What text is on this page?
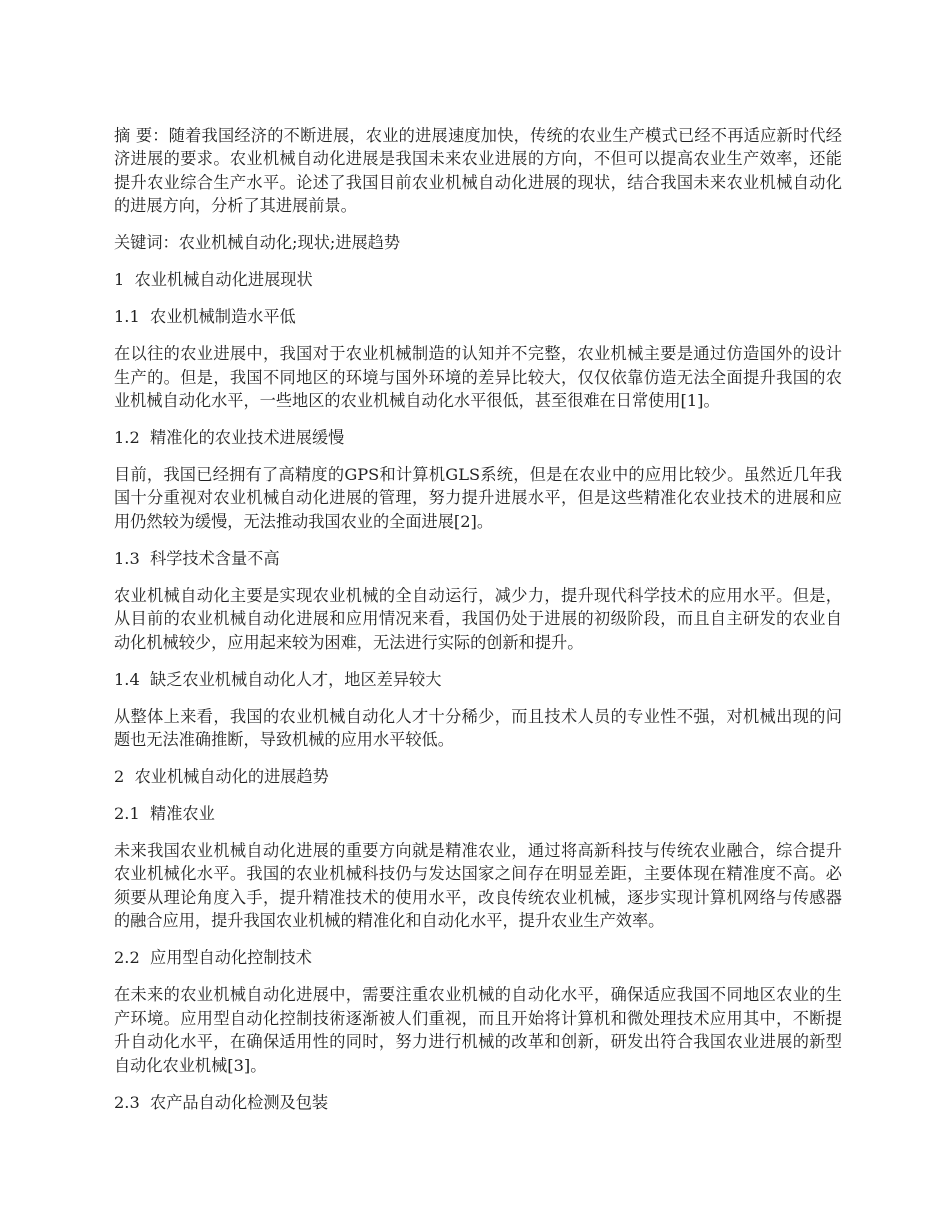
摘 要：随着我国经济的不断进展，农业的进展速度加快，传统的农业生产模式已经不再适应新时代经济进展的要求。农业机械自动化进展是我国未来农业进展的方向，不但可以提高农业生产效率，还能提升农业综合生产水平。论述了我国目前农业机械自动化进展的现状，结合我国未来农业机械自动化的进展方向，分析了其进展前景。

关键词：农业机械自动化;现状;进展趋势

1  农业机械自动化进展现状

1.1  农业机械制造水平低

在以往的农业进展中，我国对于农业机械制造的认知并不完整，农业机械主要是通过仿造国外的设计生产的。但是，我国不同地区的环境与国外环境的差异比较大，仅仅依靠仿造无法全面提升我国的农业机械自动化水平，一些地区的农业机械自动化水平很低，甚至很难在日常使用[1]。

1.2  精准化的农业技术进展缓慢

目前，我国已经拥有了高精度的GPS和计算机GLS系统，但是在农业中的应用比较少。虽然近几年我国十分重视对农业机械自动化进展的管理，努力提升进展水平，但是这些精准化农业技术的进展和应用仍然较为缓慢，无法推动我国农业的全面进展[2]。

1.3  科学技术含量不高

农业机械自动化主要是实现农业机械的全自动运行，减少力，提升现代科学技术的应用水平。但是，从目前的农业机械自动化进展和应用情况来看，我国仍处于进展的初级阶段，而且自主研发的农业自动化机械较少，应用起来较为困难，无法进行实际的创新和提升。

1.4  缺乏农业机械自动化人才，地区差异较大

从整体上来看，我国的农业机械自动化人才十分稀少，而且技术人员的专业性不强，对机械出现的问题也无法准确推断，导致机械的应用水平较低。

2  农业机械自动化的进展趋势

2.1  精准农业

未来我国农业机械自动化进展的重要方向就是精准农业，通过将高新科技与传统农业融合，综合提升农业机械化水平。我国的农业机械科技仍与发达国家之间存在明显差距，主要体现在精准度不高。必须要从理论角度入手，提升精准技术的使用水平，改良传统农业机械，逐步实现计算机网络与传感器的融合应用，提升我国农业机械的精准化和自动化水平，提升农业生产效率。

2.2  应用型自动化控制技术

在未来的农业机械自动化进展中，需要注重农业机械的自动化水平，确保适应我国不同地区农业的生产环境。应用型自动化控制技術逐渐被人们重视，而且开始将计算机和微处理技术应用其中，不断提升自动化水平，在确保适用性的同时，努力进行机械的改革和创新，研发出符合我国农业进展的新型自动化农业机械[3]。

2.3  农产品自动化检测及包装
